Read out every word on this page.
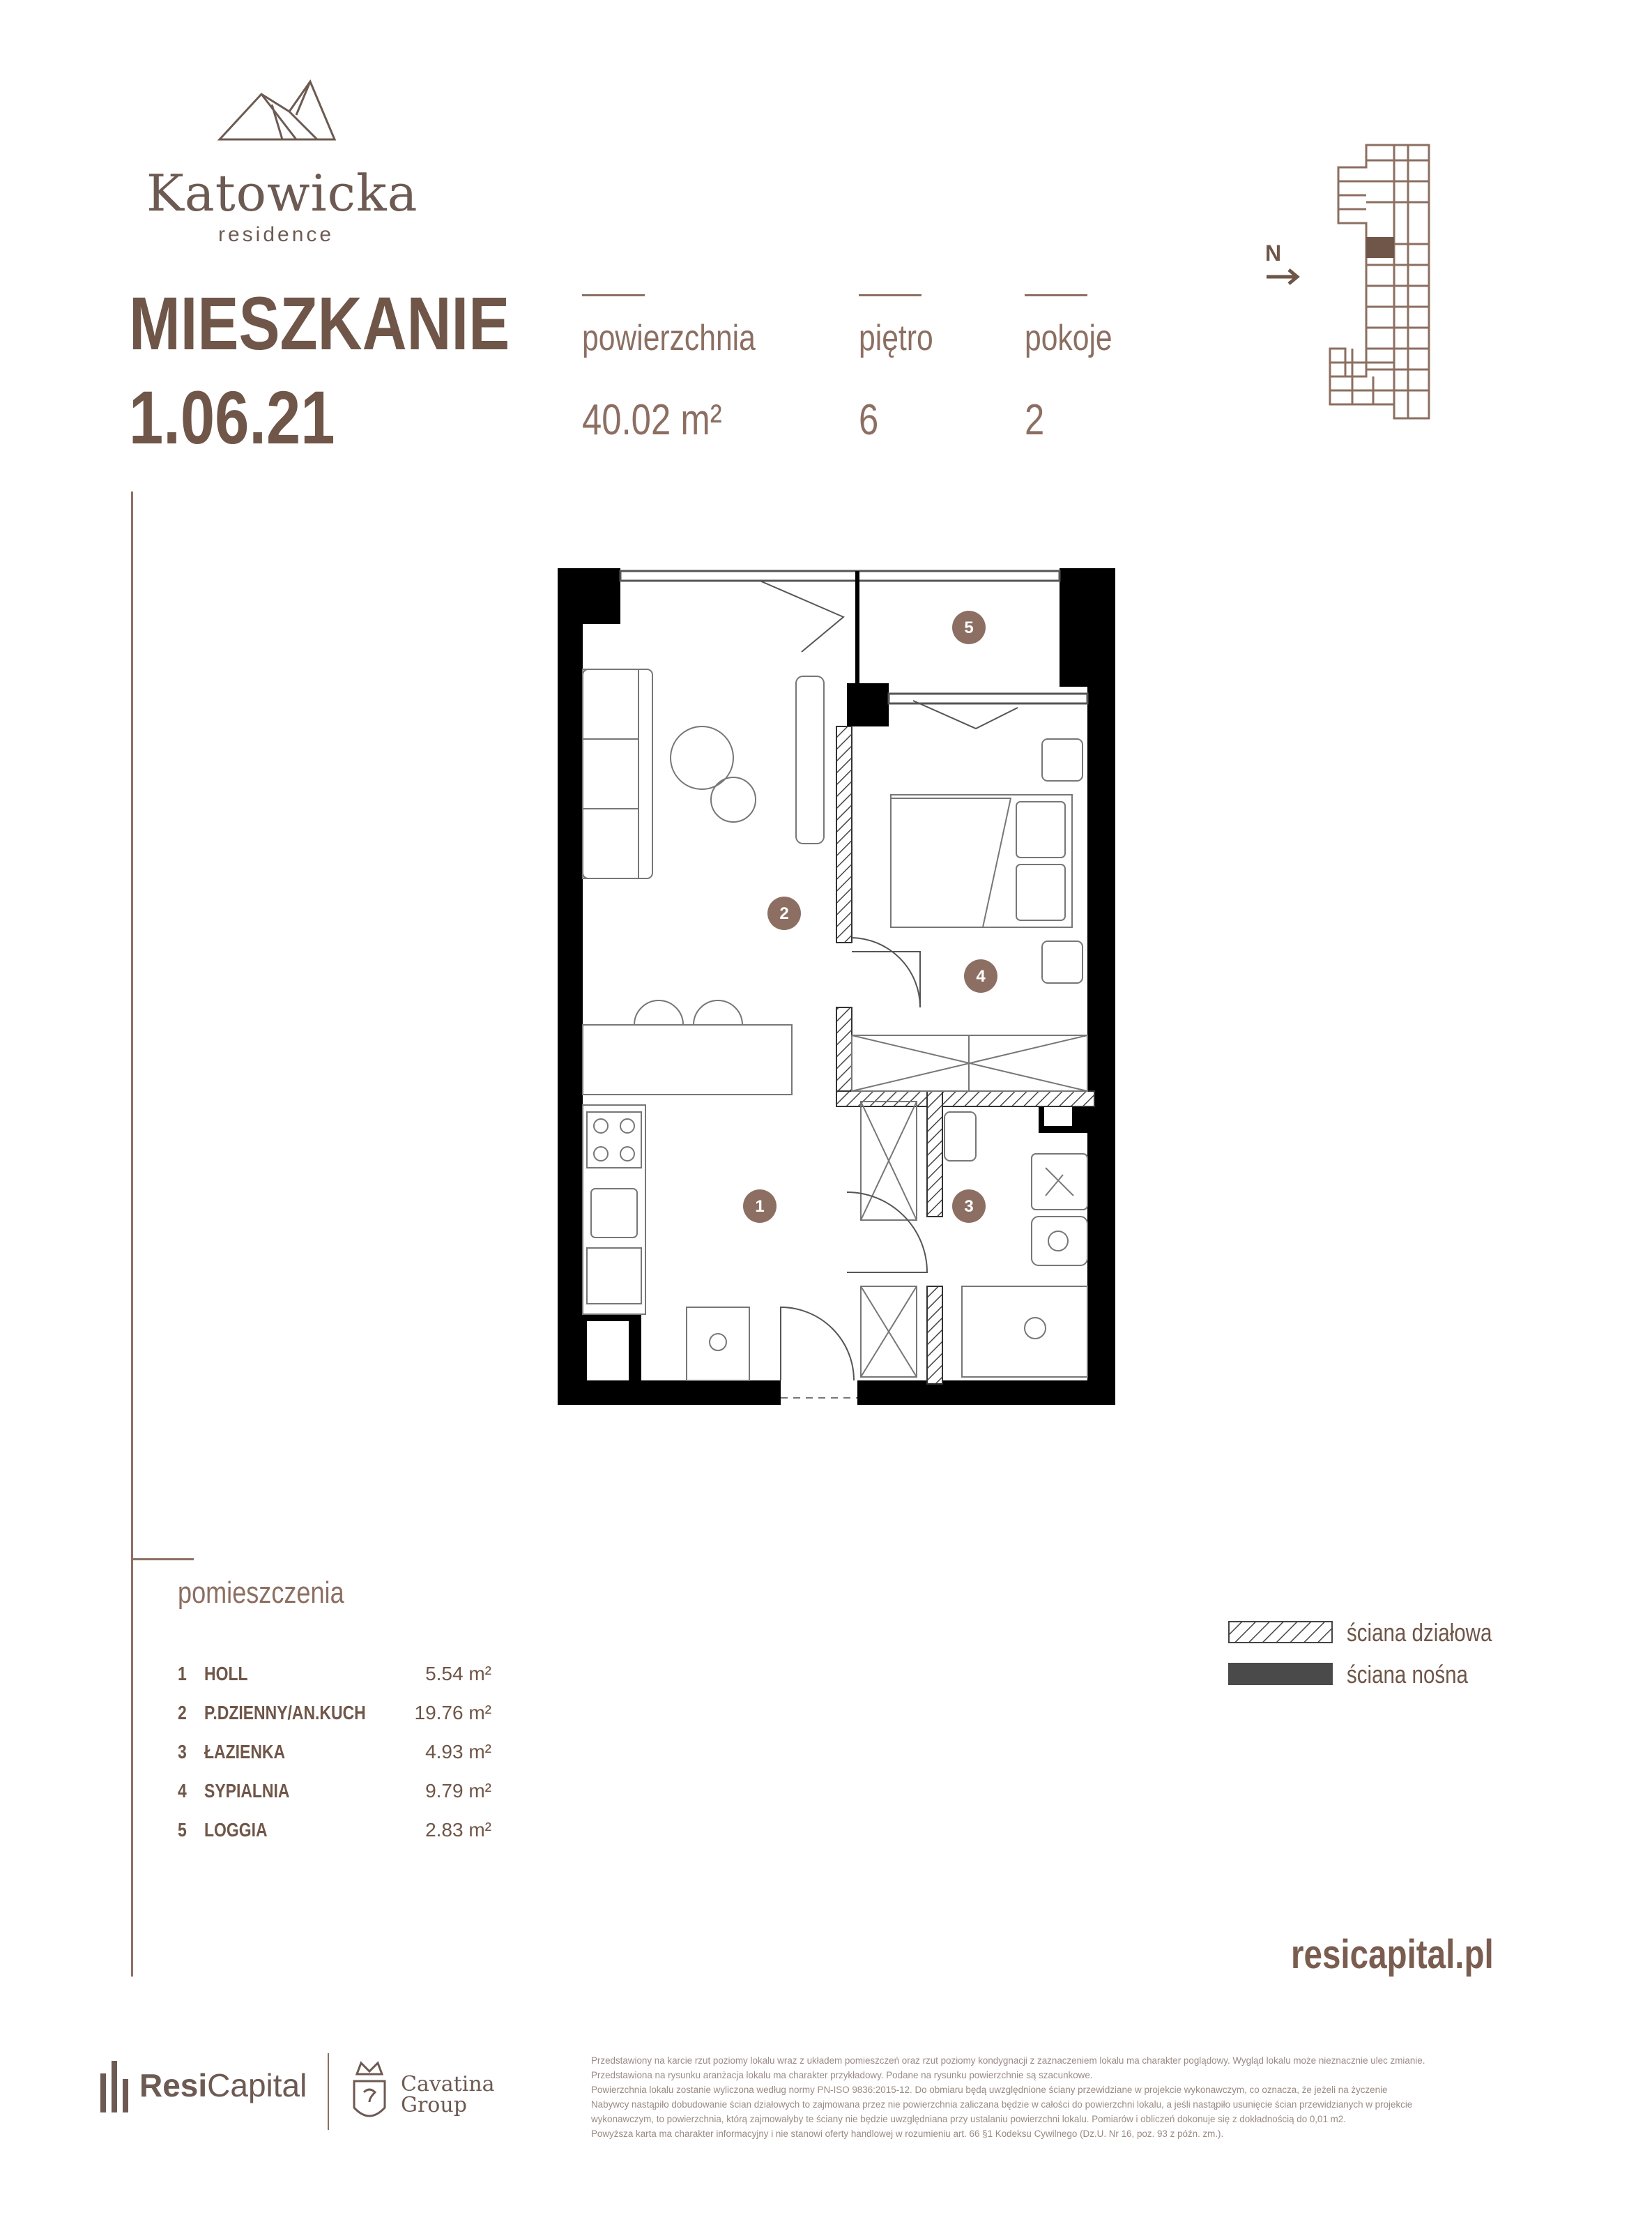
Katowicka
residence
MIESZKANIE
1.06.21
powierzchnia
40.02 m²
piętro
6
pokoje
2
N
2
1	3
4
5
pomieszczenia
1 HOLL	5.54 m²
2 P.DZIENNY/AN.KUCH 19.76 m²
3 ŁAZIENKA	4.93 m²
4 SYPIALNIA	9.79 m²
5 LOGGIA	2.83 m²
ściana działowa
ściana nośna
resicapital.pl
ResiCapital	Cavatina
Group
Przedstawiony na karcie rzut poziomy lokalu wraz z układem pomieszczeń oraz rzut poziomy kondygnacji z zaznaczeniem lokalu ma charakter poglądowy. Wygląd lokalu może nieznacznie ulec zmianie.
Przedstawiona na rysunku aranżacja lokalu ma charakter przykładowy. Podane na rysunku powierzchnie są szacunkowe.
Powierzchnia lokalu zostanie wyliczona według normy PN-ISO 9836:2015-12. Do obmiaru będą uwzględnione ściany przewidziane w projekcie wykonawczym, co oznacza, że jeżeli na życzenie
Nabywcy nastąpiło dobudowanie ścian działowych to zajmowana przez nie powierzchnia zaliczana będzie w całości do powierzchni lokalu, a jeśli nastąpiło usunięcie ścian przewidzianych w projekcie
wykonawczym, to powierzchnia, którą zajmowałyby te ściany nie będzie uwzględniana przy ustalaniu powierzchni lokalu. Pomiarów i obliczeń dokonuje się z dokładnością do 0,01 m2.
Powyższa karta ma charakter informacyjny i nie stanowi oferty handlowej w rozumieniu art. 66 §1 Kodeksu Cywilnego (Dz.U. Nr 16, poz. 93 z późn. zm.).
